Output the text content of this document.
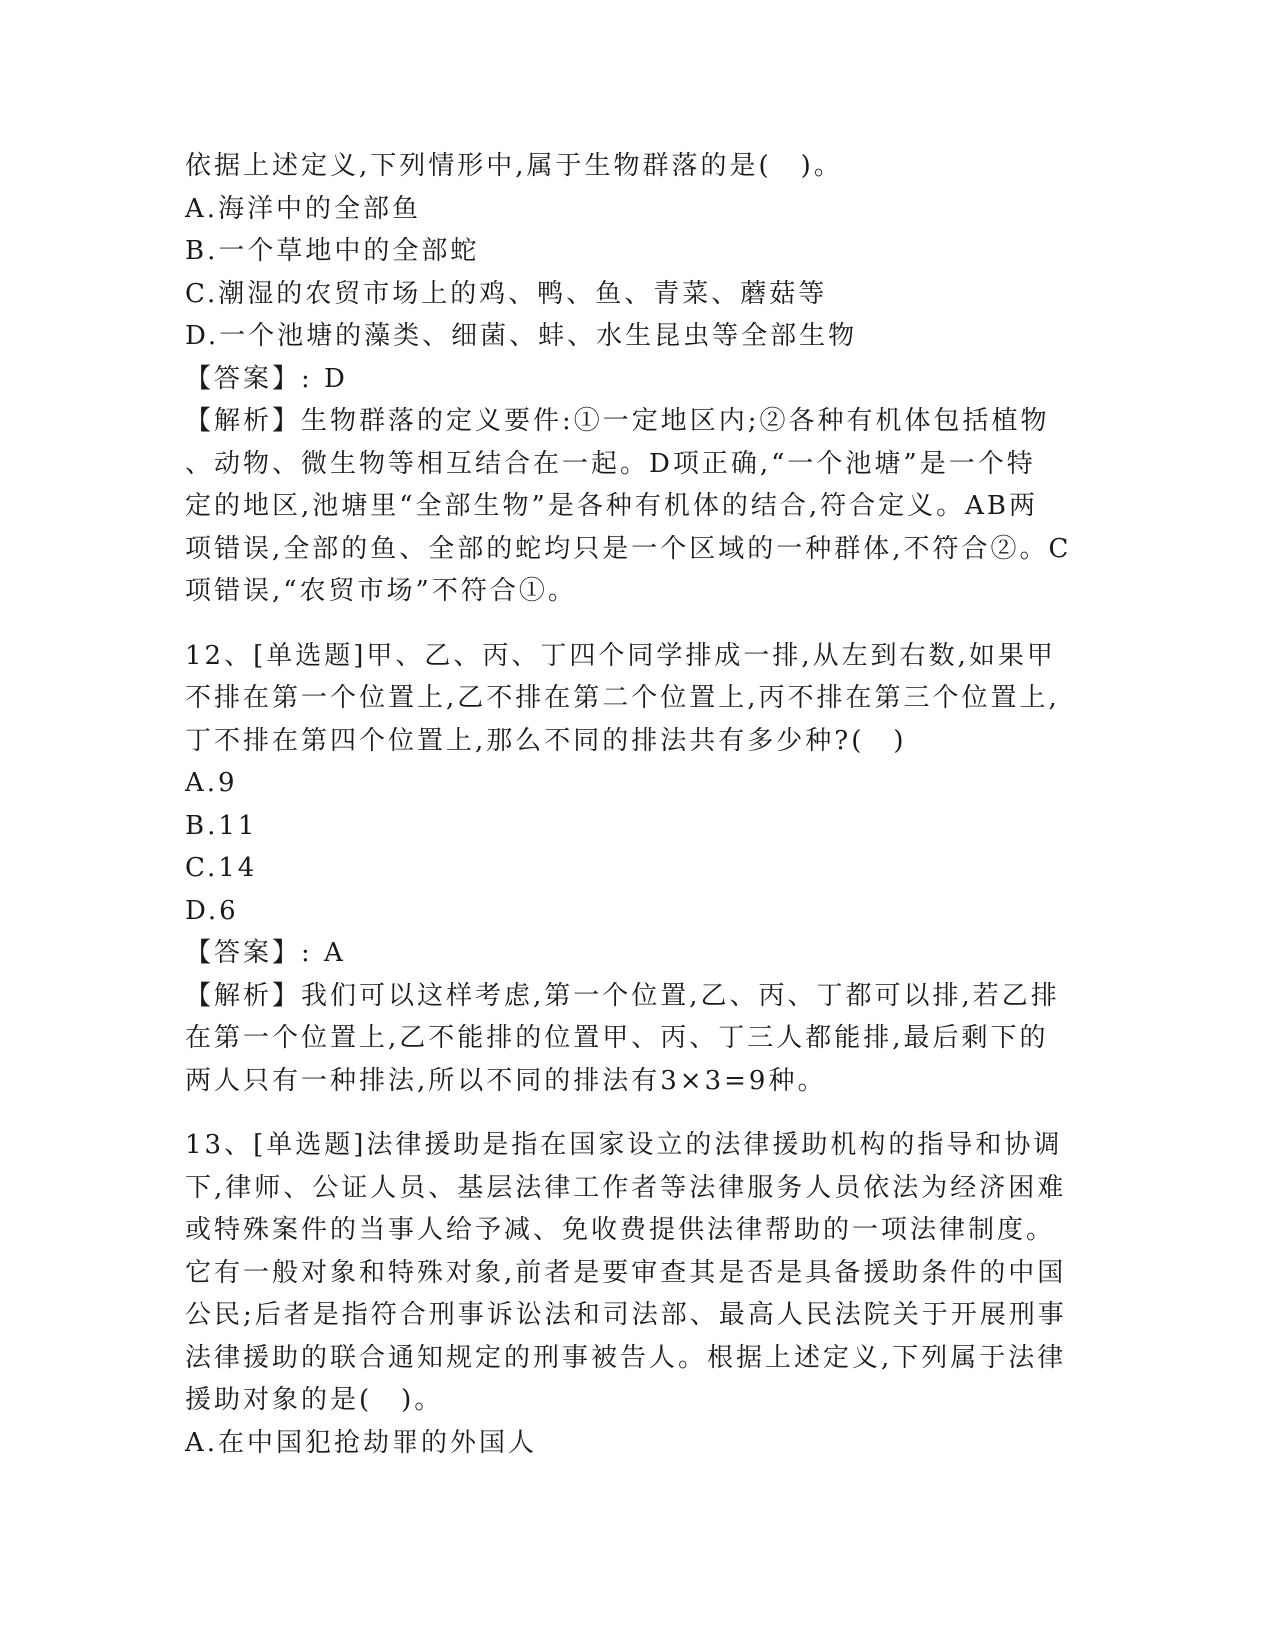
依据上述定义,下列情形中,属于生物群落的是(　)。
A.海洋中的全部鱼
B.一个草地中的全部蛇
C.潮湿的农贸市场上的鸡、鸭、鱼、青菜、蘑菇等
D.一个池塘的藻类、细菌、蚌、水生昆虫等全部生物
【答案】: D
【解析】生物群落的定义要件:①一定地区内;②各种有机体包括植物
、动物、微生物等相互结合在一起。D项正确,“一个池塘”是一个特
定的地区,池塘里“全部生物”是各种有机体的结合,符合定义。AB两
项错误,全部的鱼、全部的蛇均只是一个区域的一种群体,不符合②。C
项错误,“农贸市场”不符合①。
12、[单选题]甲、乙、丙、丁四个同学排成一排,从左到右数,如果甲
不排在第一个位置上,乙不排在第二个位置上,丙不排在第三个位置上,
丁不排在第四个位置上,那么不同的排法共有多少种?(　)
A.9
B.11
C.14
D.6
【答案】: A
【解析】我们可以这样考虑,第一个位置,乙、丙、丁都可以排,若乙排
在第一个位置上,乙不能排的位置甲、丙、丁三人都能排,最后剩下的
两人只有一种排法,所以不同的排法有3×3=9种。
13、[单选题]法律援助是指在国家设立的法律援助机构的指导和协调
下,律师、公证人员、基层法律工作者等法律服务人员依法为经济困难
或特殊案件的当事人给予减、免收费提供法律帮助的一项法律制度。
它有一般对象和特殊对象,前者是要审查其是否是具备援助条件的中国
公民;后者是指符合刑事诉讼法和司法部、最高人民法院关于开展刑事
法律援助的联合通知规定的刑事被告人。根据上述定义,下列属于法律
援助对象的是(　)。
A.在中国犯抢劫罪的外国人
